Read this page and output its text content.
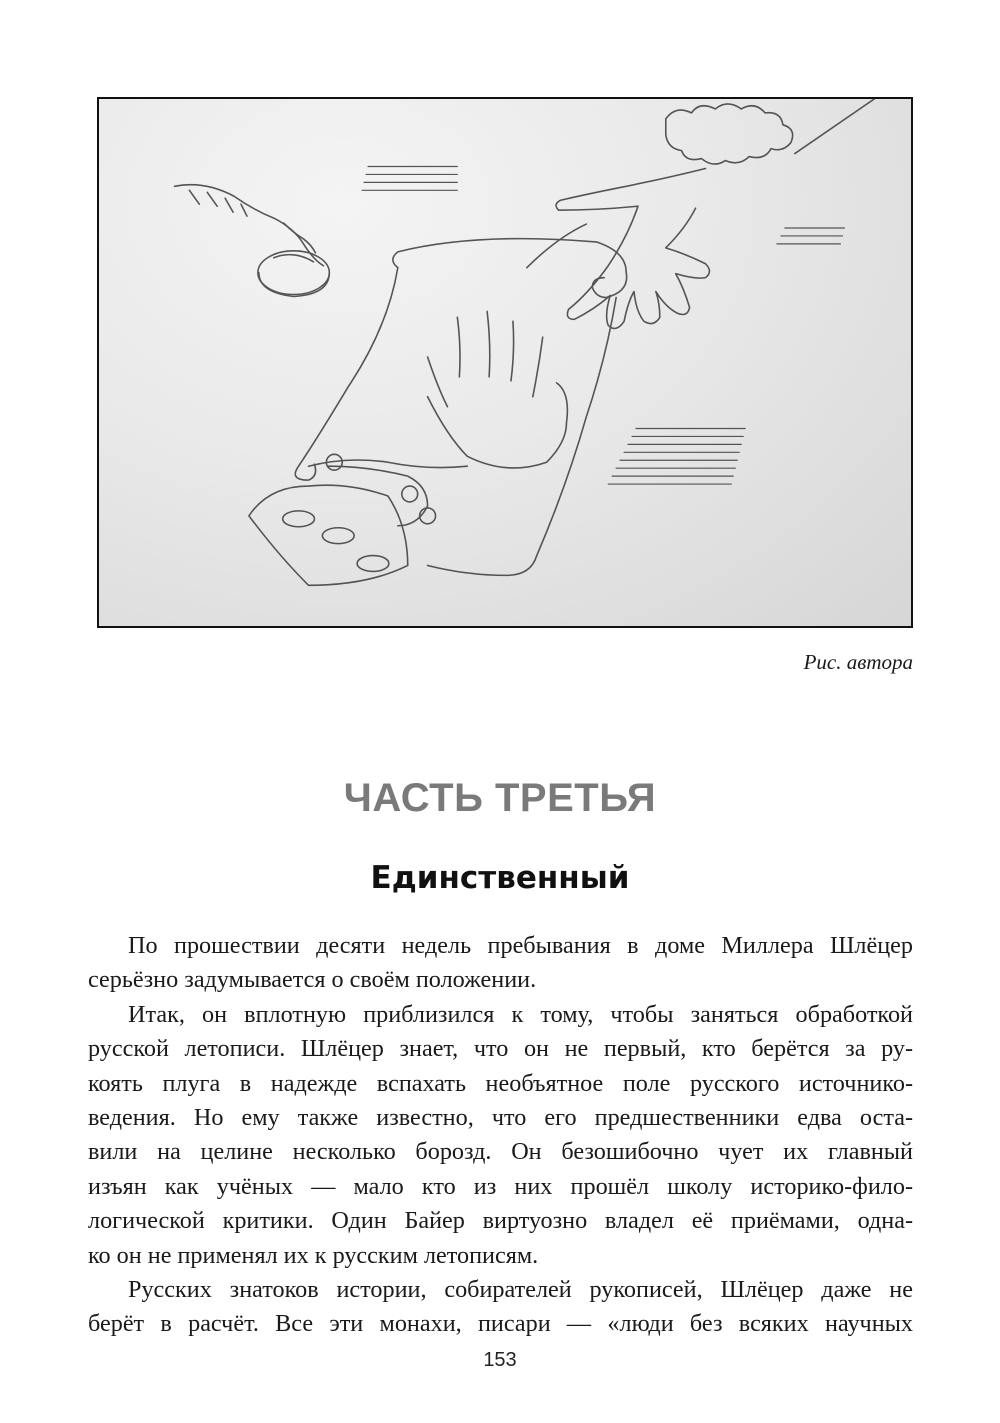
Рис. автора
ЧАСТЬ ТРЕТЬЯ
Единственный

По прошествии десяти недель пребывания в доме Миллера Шлёцер
серьёзно задумывается о своём положении.

Итак, он вплотную приблизился к тому, чтобы заняться обработкой
русской летописи. Шлёцер знает, что он не первый, кто берётся за ру-
коять плуга в надежде вспахать необъятное поле русского источнико-
ведения. Но ему также известно, что его предшественники едва оста-
вили на целине несколько борозд. Он безошибочно чует их главный
изъян как учёных — мало кто из них прошёл школу историко-фило-
логической критики. Один Байер виртуозно владел её приёмами, одна-
ко он не применял их к русским летописям.

Русских знатоков истории, собирателей рукописей, Шлёцер даже не
берёт в расчёт. Все эти монахи, писари — «люди без всяких научных

153
